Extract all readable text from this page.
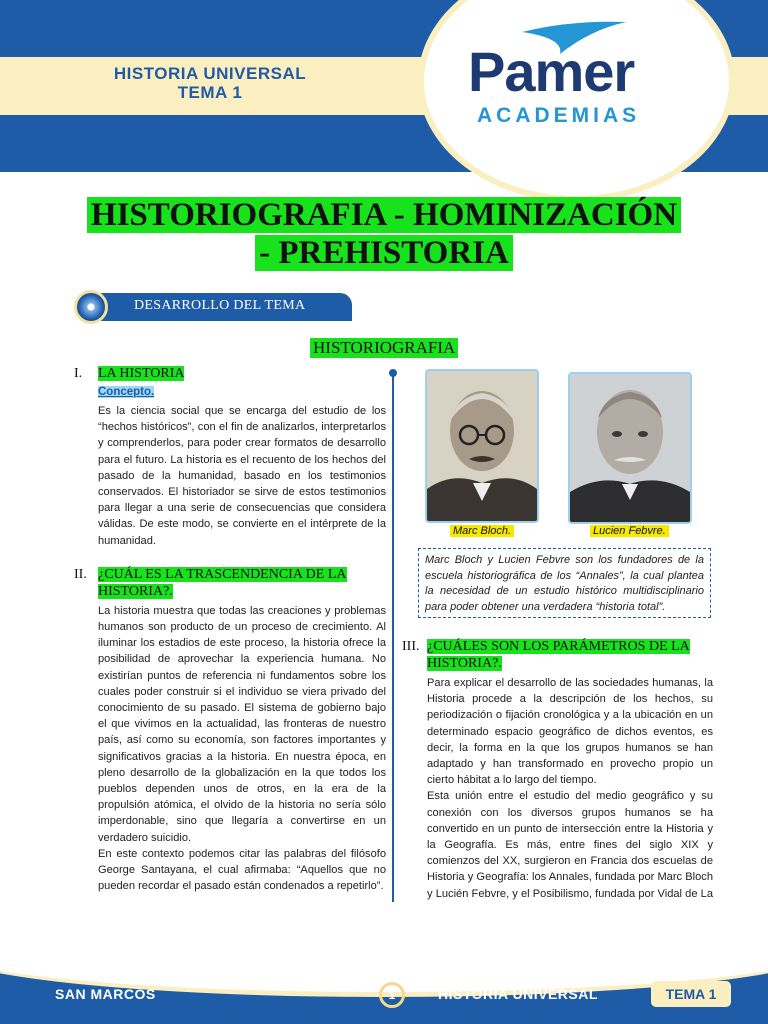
HISTORIA UNIVERSAL
TEMA 1	Pamer
ACADEMIAS
HISTORIOGRAFIA - HOMINIZACIÓN
- PREHISTORIA
DESARROLLO DEL TEMA
HISTORIOGRAFIA
I. LA HISTORIA
Concepto.

Es la ciencia social que se encarga del estudio de los “hechos históricos”, con el fin de analizarlos, interpretarlos y comprenderlos, para poder crear formatos de desarrollo para el futuro. La historia es el recuento de los hechos del pasado de la humanidad, basado en los testimonios conservados. El historiador se sirve de estos testimonios para llegar a una serie de consecuencias que considera válidas. De este modo, se convierte en el intérprete de la humanidad.

II. ¿CUÁL ES LA TRASCENDENCIA DE LA HISTORIA?.

La historia muestra que todas las creaciones y problemas humanos son producto de un proceso de crecimiento. Al iluminar los estadios de este proceso, la historia ofrece la posibilidad de aprovechar la experiencia humana. No existirían puntos de referencia ni fundamentos sobre los cuales poder construir si el individuo se viera privado del conocimiento de su pasado. El sistema de gobierno bajo el que vivimos en la actualidad, las fronteras de nuestro país, así como su economía, son factores importantes y significativos gracias a la historia. En nuestra época, en pleno desarrollo de la globalización en la que todos los pueblos dependen unos de otros, en la era de la propulsión atómica, el olvido de la historia no sería sólo imperdonable, sino que llegaría a convertirse en un verdadero suicidio.

En este contexto podemos citar las palabras del filósofo George Santayana, el cual afirmaba: “Aquellos que no pueden recordar el pasado están condenados a repetirlo”.

Marc Bloch.	Lucien Febvre.
Marc Bloch y Lucien Febvre son los fundadores de la escuela historiográfica de los “Annales”, la cual plantea la necesidad de un estudio histórico multidisciplinario para poder obtener una verdadera “historia total”.
III. ¿CUÁLES SON LOS PARÁMETROS DE LA HISTORIA?.

Para explicar el desarrollo de las sociedades humanas, la Historia procede a la descripción de los hechos, su periodización o fijación cronológica y a la ubicación en un determinado espacio geográfico de dichos eventos, es decir, la forma en la que los grupos humanos se han adaptado y han transformado en provecho propio un cierto hábitat a lo largo del tiempo.

Esta unión entre el estudio del medio geográfico y su conexión con los diversos grupos humanos se ha convertido en un punto de intersección entre la Historia y la Geografía. Es más, entre fines del siglo XIX y comienzos del XX, surgieron en Francia dos escuelas de Historia y Geografía: los Annales, fundada por Marc Bloch y Lucién Febvre, y el Posibilismo, fundada por Vidal de La

SAN MARCOS	1	HISTORIA UNIVERSAL	TEMA 1
